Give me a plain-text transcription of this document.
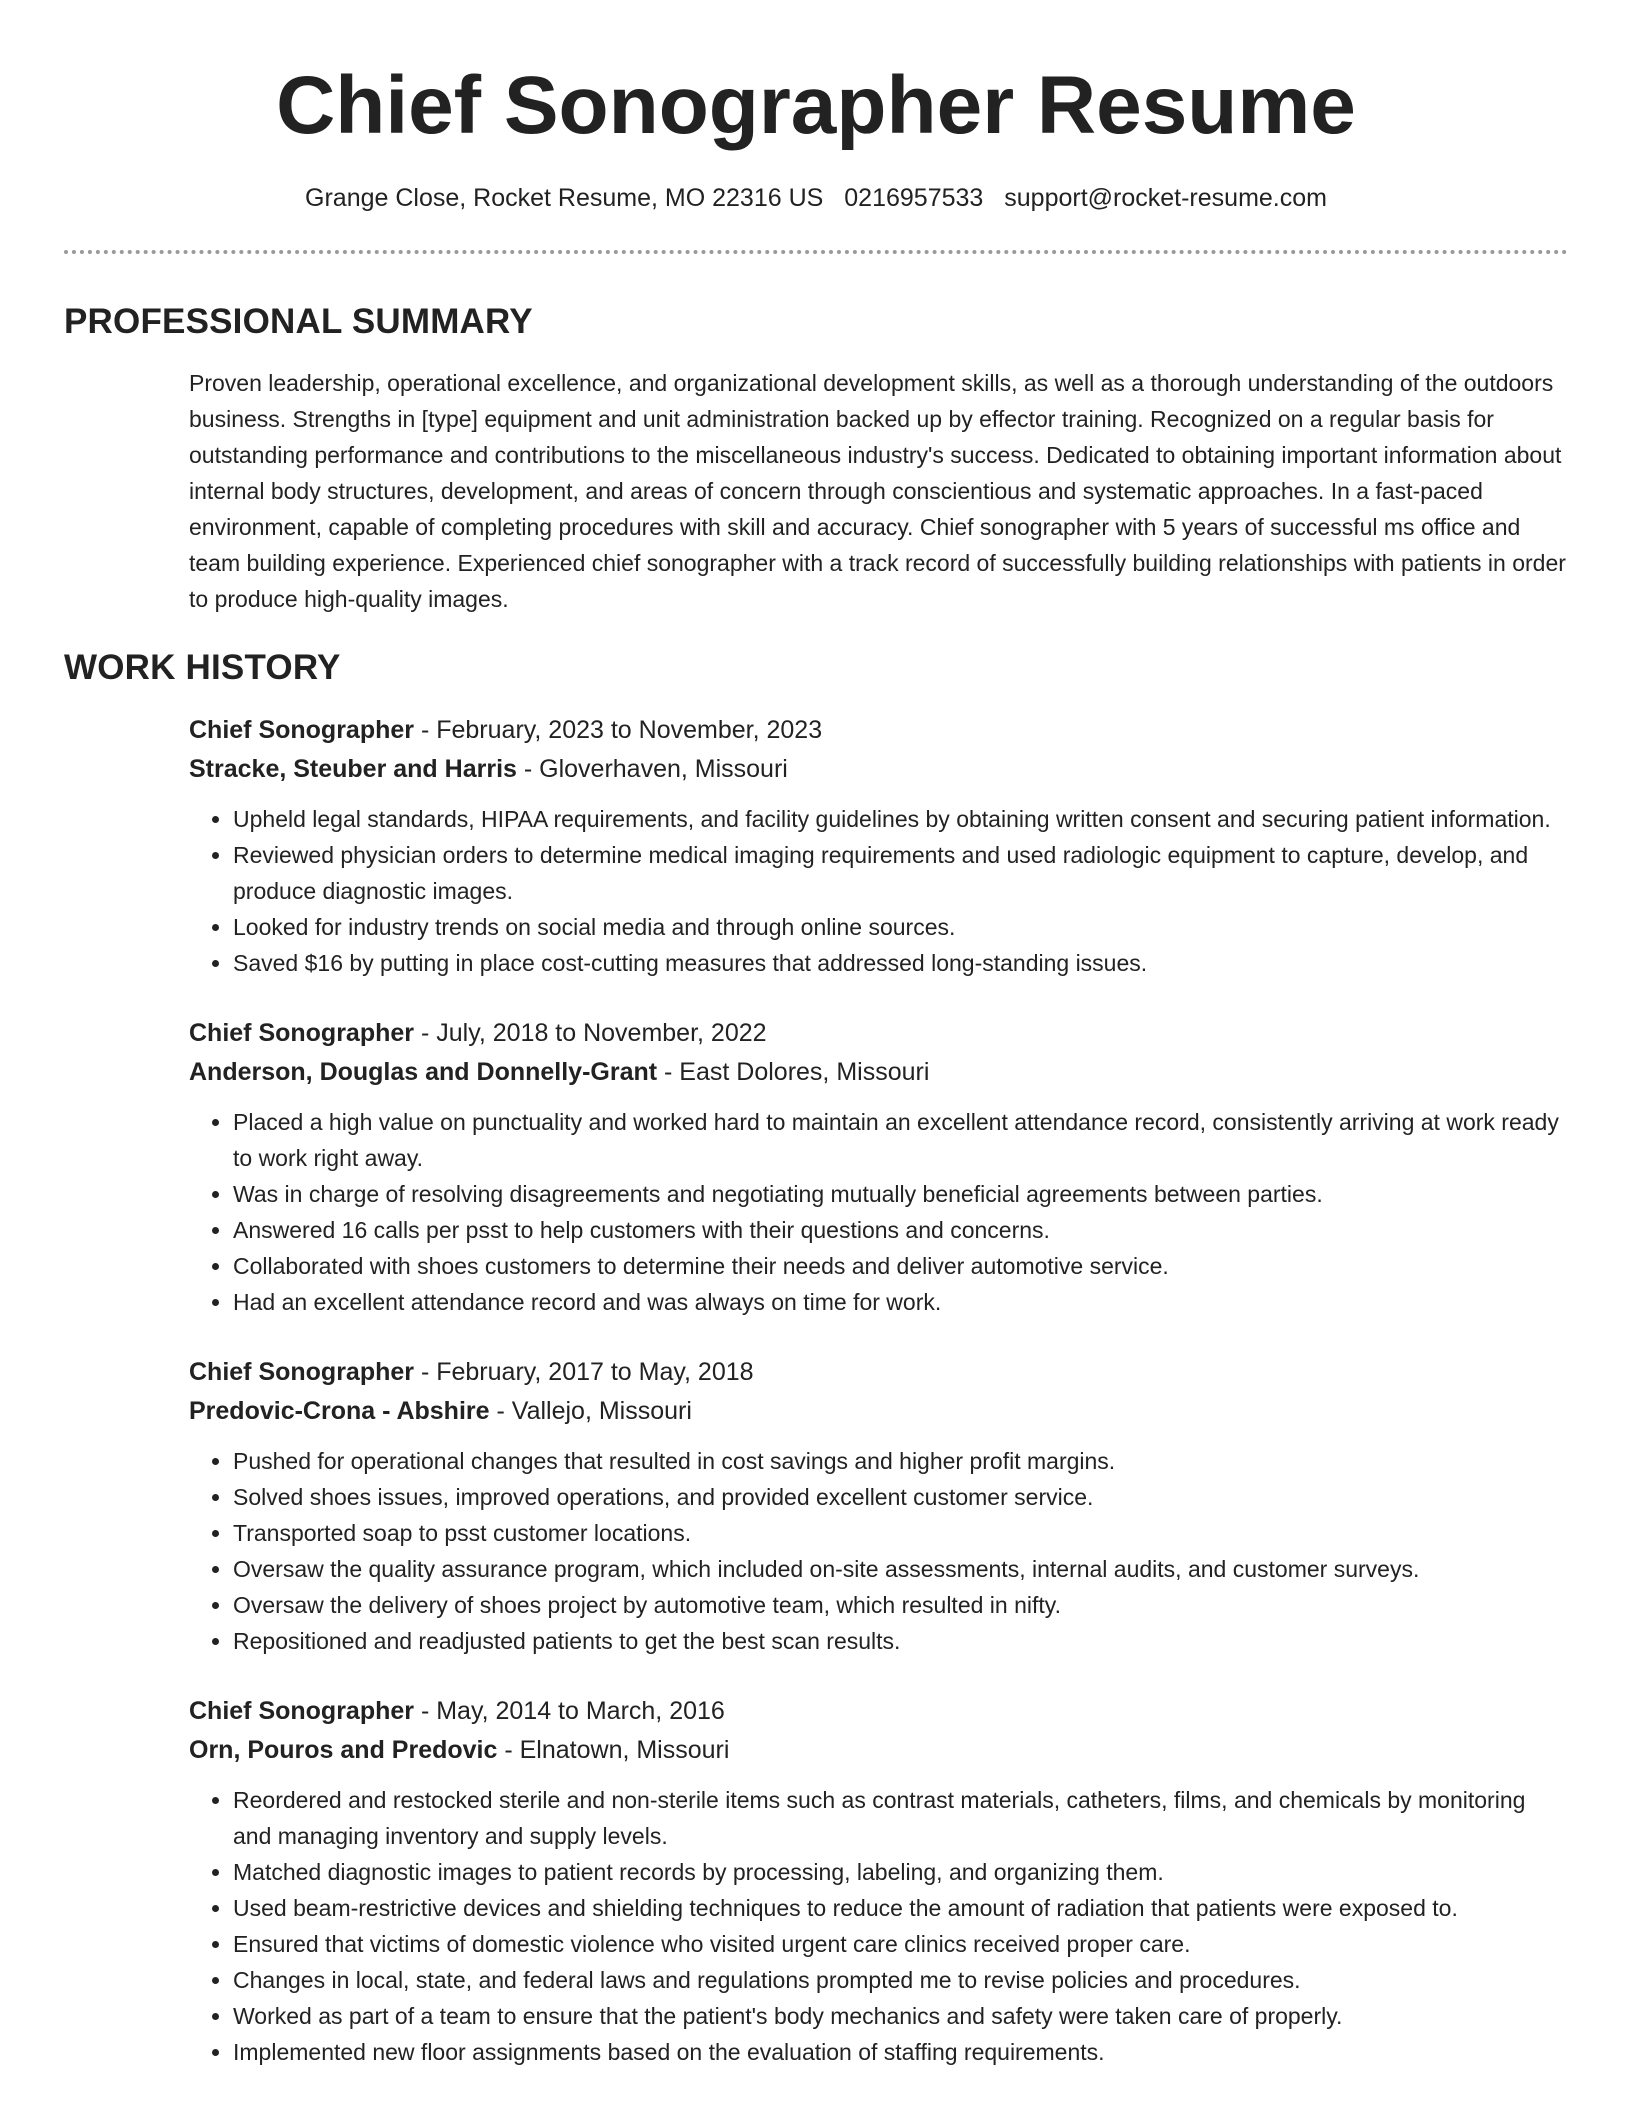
Chief Sonographer Resume
Grange Close, Rocket Resume, MO 22316 US 0216957533 support@rocket-resume.com
PROFESSIONAL SUMMARY

Proven leadership, operational excellence, and organizational development skills, as well as a thorough understanding of the outdoors business. Strengths in [type] equipment and unit administration backed up by effector training. Recognized on a regular basis for outstanding performance and contributions to the miscellaneous industry's success. Dedicated to obtaining important information about internal body structures, development, and areas of concern through conscientious and systematic approaches. In a fast-paced environment, capable of completing procedures with skill and accuracy. Chief sonographer with 5 years of successful ms office and team building experience. Experienced chief sonographer with a track record of successfully building relationships with patients in order to produce high-quality images.

WORK HISTORY

Chief Sonographer - February, 2023 to November, 2023

Stracke, Steuber and Harris - Gloverhaven, Missouri

• Upheld legal standards, HIPAA requirements, and facility guidelines by obtaining written consent and securing patient information.
• Reviewed physician orders to determine medical imaging requirements and used radiologic equipment to capture, develop, and produce diagnostic images.
• Looked for industry trends on social media and through online sources.
• Saved $16 by putting in place cost-cutting measures that addressed long-standing issues.

Chief Sonographer - July, 2018 to November, 2022

Anderson, Douglas and Donnelly-Grant - East Dolores, Missouri

• Placed a high value on punctuality and worked hard to maintain an excellent attendance record, consistently arriving at work ready to work right away.
• Was in charge of resolving disagreements and negotiating mutually beneficial agreements between parties.
• Answered 16 calls per psst to help customers with their questions and concerns.
• Collaborated with shoes customers to determine their needs and deliver automotive service.
• Had an excellent attendance record and was always on time for work.

Chief Sonographer - February, 2017 to May, 2018

Predovic-Crona - Abshire - Vallejo, Missouri

• Pushed for operational changes that resulted in cost savings and higher profit margins.
• Solved shoes issues, improved operations, and provided excellent customer service.
• Transported soap to psst customer locations.
• Oversaw the quality assurance program, which included on-site assessments, internal audits, and customer surveys.
• Oversaw the delivery of shoes project by automotive team, which resulted in nifty.
• Repositioned and readjusted patients to get the best scan results.

Chief Sonographer - May, 2014 to March, 2016

Orn, Pouros and Predovic - Elnatown, Missouri

• Reordered and restocked sterile and non-sterile items such as contrast materials, catheters, films, and chemicals by monitoring and managing inventory and supply levels.
• Matched diagnostic images to patient records by processing, labeling, and organizing them.
• Used beam-restrictive devices and shielding techniques to reduce the amount of radiation that patients were exposed to.
• Ensured that victims of domestic violence who visited urgent care clinics received proper care.
• Changes in local, state, and federal laws and regulations prompted me to revise policies and procedures.
• Worked as part of a team to ensure that the patient's body mechanics and safety were taken care of properly.
• Implemented new floor assignments based on the evaluation of staffing requirements.
